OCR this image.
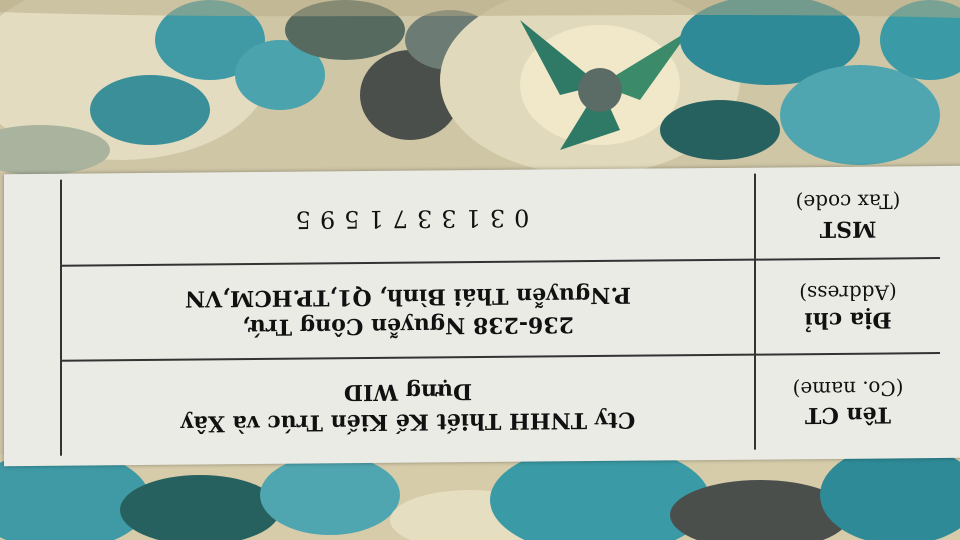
Tên CT
(Co. name)	Cty TNHH Thiết Kế Kiến Trúc và Xây
Dựng WID

Địa chỉ
(Address)	236-238 Nguyễn Công Trứ,
P.Nguyễn Thái Bình, Q1,TP.HCM,VN

MST
(Tax code)	0313371595
